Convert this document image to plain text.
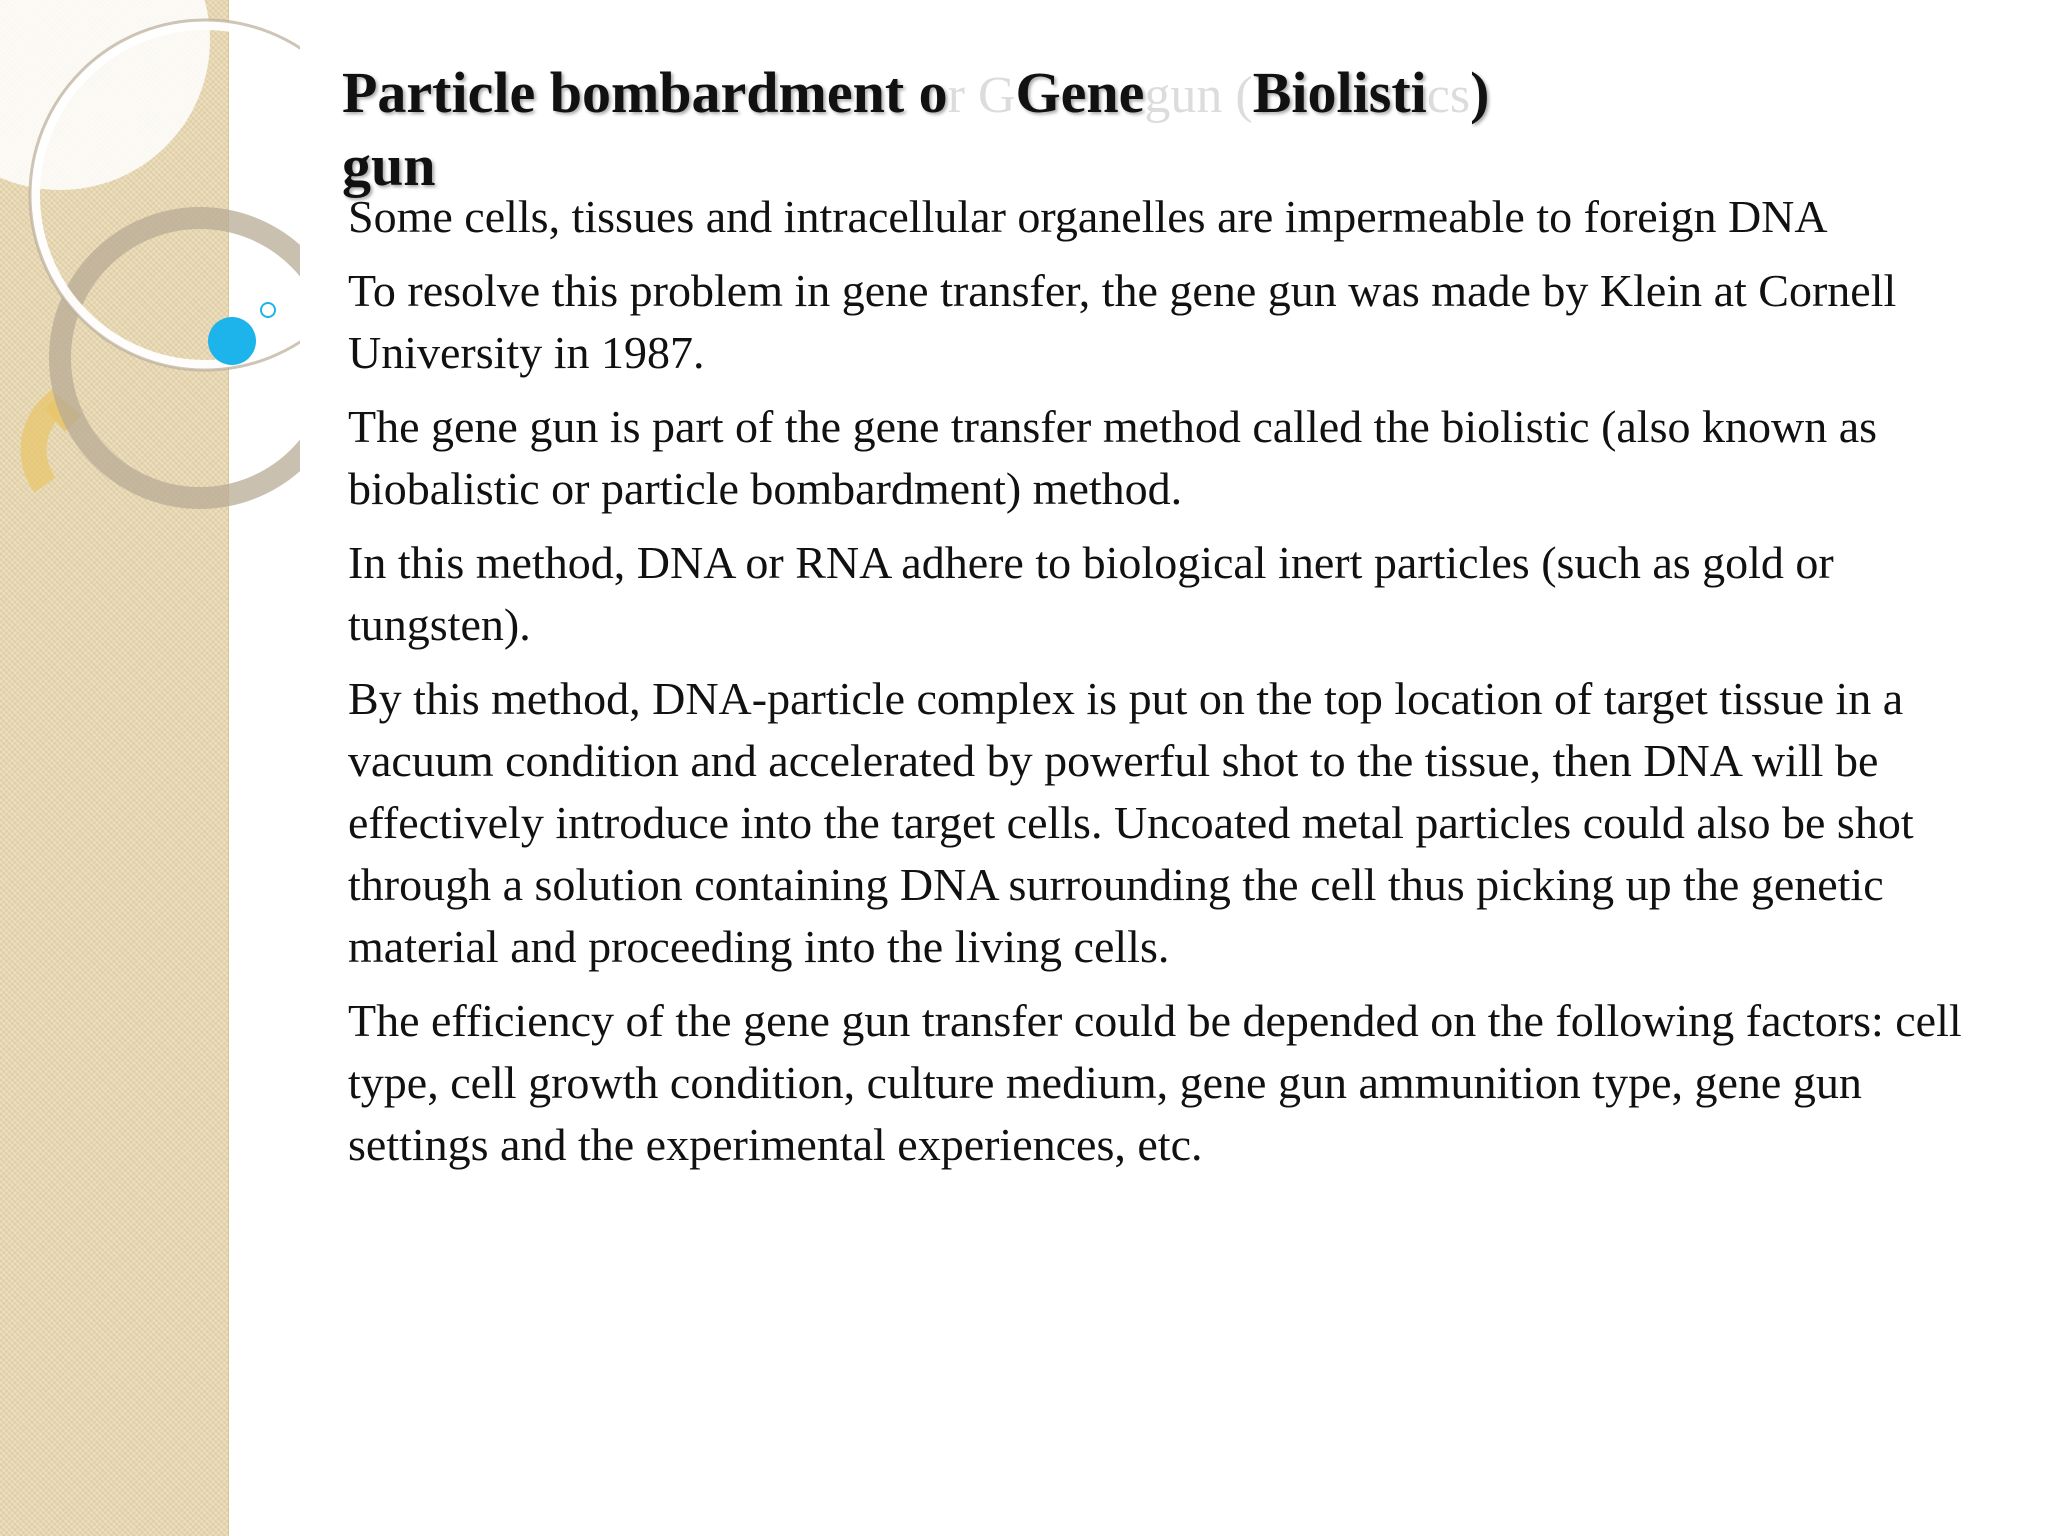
Particle bombardment or GGenegun (Biolistics)
gun

Some cells, tissues and intracellular organelles are impermeable to foreign DNA

To resolve this problem in gene transfer, the gene gun was made by Klein at Cornell University in 1987.

The gene gun is part of the gene transfer method called the biolistic (also known as biobalistic or particle bombardment) method.

In this method, DNA or RNA adhere to biological inert particles (such as gold or tungsten).

By this method, DNA-particle complex is put on the top location of target tissue in a vacuum condition and accelerated by powerful shot to the tissue, then DNA will be effectively introduce into the target cells. Uncoated metal particles could also be shot through a solution containing DNA surrounding the cell thus picking up the genetic material and proceeding into the living cells.

The efficiency of the gene gun transfer could be depended on the following factors: cell type, cell growth condition, culture medium, gene gun ammunition type, gene gun settings and the experimental experiences, etc.
